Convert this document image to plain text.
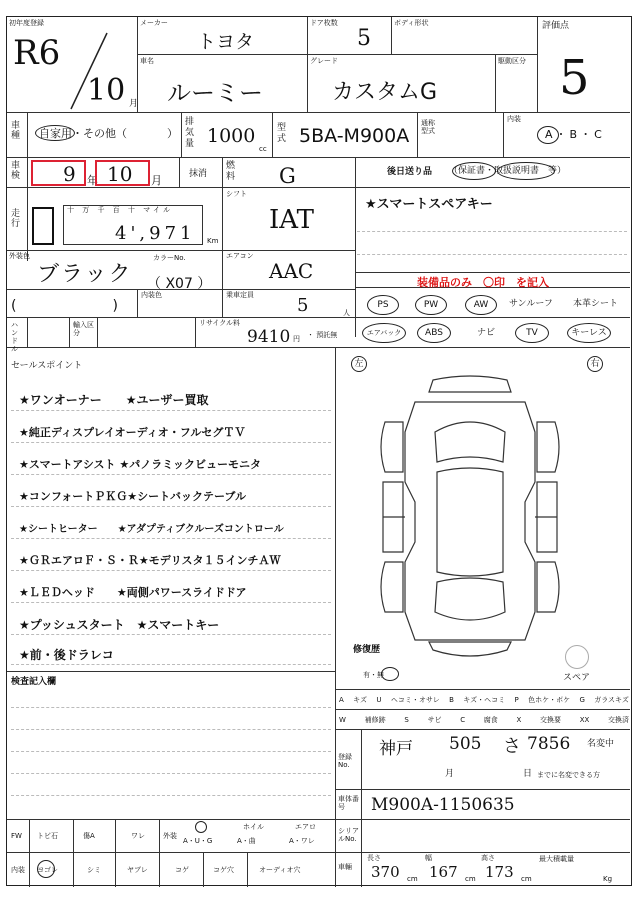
初年度登録
R6
10 月
メーカー
トヨタ
ドア枚数
5
ボディ形状	評価点
5
車名
ルーミー
グレード
カスタムG
駆動区分
車種 自家用・その他（	）
排気量 1000
cc
型式 5BA-M900A
通称型式
内装
A・B・C
車検 9 年 10 月	抹消
燃料 G	後日送り品 （保証書・取扱説明書　等）
走行
十 万 千 百 十 マイル
4',971 Km
シフト
IAT
★スマートスペアキー
外装色
ブラック
カラーNo.
（ X07 ）
エアコン
AAC	装備品のみ　〇印　を記入
(　　　　)
内装色	乗車定員 5	人
PS	PW	AW	サンルーフ 本革シート
エアバック	ABS	ナビ	TV	キーレス
ハンドル
輸入区分
リサイクル料
9410 円 ・ 預託無
セールスポイント
★ワンオーナー　　★ユーザー買取
★純正ディスプレイオーディオ・フルセグＴＶ
★スマートアシスト ★パノラミックビューモニタ
★コンフォートＰＫＧ★シートバックテーブル
★シートヒーター　　★アダプティブクルーズコントロール
★ＧＲエアロＦ・Ｓ・Ｒ★モデリスタ１５インチＡＷ
★ＬＥＤヘッド　　★両側パワースライドドア
★プッシュスタート　★スマートキー
★前・後ドラレコ
検査記入欄
左	右
修復歴
有・無	スペア
A キズ U ヘコミ・オサレ B キズ・ヘコミ P 色ホケ・ボケ G ガラスキズ
W	補修跡	S	サビ	C	腐食	X	交換要	XX	交換済
登録No.
神戸 505 さ 7856 名変中
月	日 までに名変できる方
車体番号	M900A-1150635
シリアルNo.
車輛
長さ
370 cm
幅
167 cm
高さ
173 cm
最大積載量
Kg
FW トビ石	傷A	ワレ	外装
A・U・G
ホイル
A・曲
エアロ
A・ワレ
内装 ヨゴレ	シミ	ヤブレ	コゲ	コゲ穴	オーディオ穴
